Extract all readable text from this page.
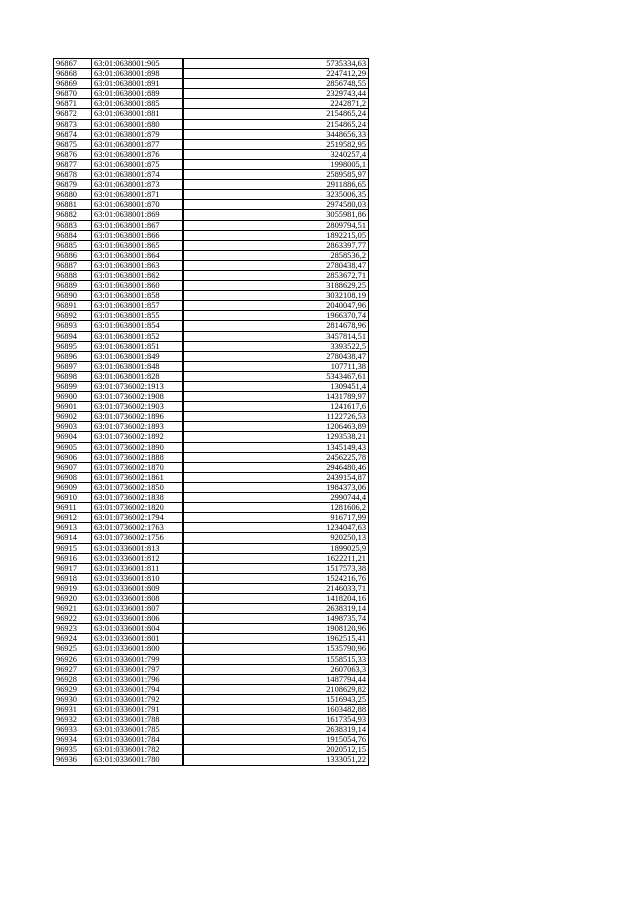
96867	63:01:0638001:905	5735334,63
96868	63:01:0638001:898	2247412,29
96869	63:01:0638001:891	2856748,55
96870	63:01:0638001:889	2329743,44
96871	63:01:0638001:885	2242871,2
96872	63:01:0638001:881	2154865,24
96873	63:01:0638001:880	2154865,24
96874	63:01:0638001:879	3448656,33
96875	63:01:0638001:877	2519582,95
96876	63:01:0638001:876	3240257,4
96877	63:01:0638001:875	1998005,1
96878	63:01:0638001:874	2589585,97
96879	63:01:0638001:873	2911886,65
96880	63:01:0638001:871	3235006,35
96881	63:01:0638001:870	2974580,03
96882	63:01:0638001:869	3055981,86
96883	63:01:0638001:867	2809794,51
96884	63:01:0638001:866	1892215,05
96885	63:01:0638001:865	2863397,77
96886	63:01:0638001:864	2858536,2
96887	63:01:0638001:863	2780438,47
96888	63:01:0638001:862	2853672,71
96889	63:01:0638001:860	3188629,25
96890	63:01:0638001:858	3032108,19
96891	63:01:0638001:857	2040047,96
96892	63:01:0638001:855	1966370,74
96893	63:01:0638001:854	2814678,96
96894	63:01:0638001:852	3457814,51
96895	63:01:0638001:851	3393522,5
96896	63:01:0638001:849	2780438,47
96897	63:01:0638001:848	107711,38
96898	63:01:0638001:828	5343467,61
96899	63:01:0736002:1913	1309451,4
96900	63:01:0736002:1908	1431789,97
96901	63:01:0736002:1903	1241617,6
96902	63:01:0736002:1896	1122726,53
96903	63:01:0736002:1893	1206463,89
96904	63:01:0736002:1892	1293538,21
96905	63:01:0736002:1890	1345149,43
96906	63:01:0736002:1888	2456225,78
96907	63:01:0736002:1870	2946480,46
96908	63:01:0736002:1861	2439154,87
96909	63:01:0736002:1850	1984373,06
96910	63:01:0736002:1838	2990744,4
96911	63:01:0736002:1820	1281606,2
96912	63:01:0736002:1794	916717,99
96913	63:01:0736002:1763	1234047,63
96914	63:01:0736002:1756	920250,13
96915	63:01:0336001:813	1899025,9
96916	63:01:0336001:812	1622211,21
96917	63:01:0336001:811	1517573,38
96918	63:01:0336001:810	1524216,76
96919	63:01:0336001:809	2146033,71
96920	63:01:0336001:808	1418204,16
96921	63:01:0336001:807	2638319,14
96922	63:01:0336001:806	1498735,74
96923	63:01:0336001:804	1908120,96
96924	63:01:0336001:801	1962515,41
96925	63:01:0336001:800	1535790,96
96926	63:01:0336001:799	1558515,33
96927	63:01:0336001:797	2607063,3
96928	63:01:0336001:796	1487794,44
96929	63:01:0336001:794	2108629,82
96930	63:01:0336001:792	1516943,25
96931	63:01:0336001:791	1603482,88
96932	63:01:0336001:788	1617354,93
96933	63:01:0336001:785	2638319,14
96934	63:01:0336001:784	1915054,76
96935	63:01:0336001:782	2020512,15
96936	63:01:0336001:780	1333051,22
